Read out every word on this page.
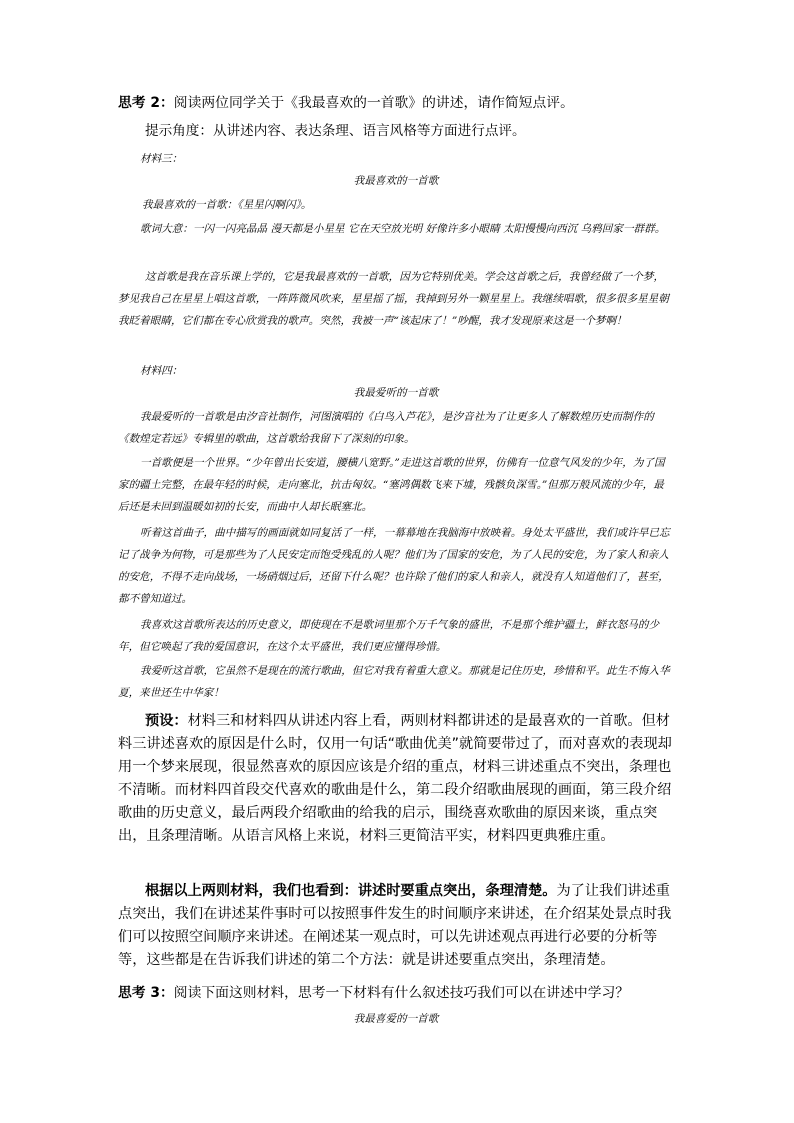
思考 2：阅读两位同学关于《我最喜欢的一首歌》的讲述，请作简短点评。

提示角度：从讲述内容、表达条理、语言风格等方面进行点评。

材料三：

我最喜欢的一首歌

我最喜欢的一首歌：《星星闪啊闪》。

歌词大意：一闪一闪亮晶晶 漫天都是小星星 它在天空放光明 好像许多小眼睛 太阳慢慢向西沉 乌鸦回家一群群。

这首歌是我在音乐课上学的，它是我最喜欢的一首歌，因为它特别优美。学会这首歌之后，我曾经做了一个梦，梦见我自己在星星上唱这首歌，一阵阵微风吹来，星星摇了摇，我掉到另外一颗星星上。我继续唱歌，很多很多星星朝我眨着眼睛，它们都在专心欣赏我的歌声。突然，我被一声“该起床了！”吵醒，我才发现原来这是一个梦啊！

材料四：

我最爱听的一首歌

我最爱听的一首歌是由汐音社制作，河图演唱的《白鸟入芦花》，是汐音社为了让更多人了解数煌历史而制作的《数煌定若远》专辑里的歌曲，这首歌给我留下了深刻的印象。

一首歌便是一个世界。“少年曾出长安道，腰横八宽野。”走进这首歌的世界，仿佛有一位意气风发的少年，为了国家的疆土完整，在最年轻的时候，走向塞北，抗击匈奴。“塞鸿偶数飞来下墟，残骸负深雪。”但那万般风流的少年，最后还是未回到温暖如初的长安，而曲中人却长眠塞北。

听着这首曲子，曲中描写的画面就如同复活了一样，一幕幕地在我脑海中放映着。身处太平盛世，我们或许早已忘记了战争为何物，可是那些为了人民安定而饱受残乱的人呢？他们为了国家的安危，为了人民的安危，为了家人和亲人的安危，不得不走向战场，一场硝烟过后，还留下什么呢？也许除了他们的家人和亲人，就没有人知道他们了，甚至，都不曾知道过。

我喜欢这首歌所表达的历史意义，即使现在不是歌词里那个万千气象的盛世，不是那个维护疆土，鲜衣怒马的少年，但它唤起了我的爱国意识，在这个太平盛世，我们更应懂得珍惜。

我爱听这首歌，它虽然不是现在的流行歌曲，但它对我有着重大意义。那就是记住历史，珍惜和平。此生不悔入华夏，来世还生中华家！

预设：材料三和材料四从讲述内容上看，两则材料都讲述的是最喜欢的一首歌。但材料三讲述喜欢的原因是什么时，仅用一句话“歌曲优美”就简要带过了，而对喜欢的表现却用一个梦来展现，很显然喜欢的原因应该是介绍的重点，材料三讲述重点不突出，条理也不清晰。而材料四首段交代喜欢的歌曲是什么，第二段介绍歌曲展现的画面，第三段介绍歌曲的历史意义，最后两段介绍歌曲的给我的启示，围绕喜欢歌曲的原因来谈，重点突出，且条理清晰。从语言风格上来说，材料三更简洁平实，材料四更典雅庄重。

根据以上两则材料，我们也看到：讲述时要重点突出，条理清楚。为了让我们讲述重点突出，我们在讲述某件事时可以按照事件发生的时间顺序来讲述，在介绍某处景点时我们可以按照空间顺序来讲述。在阐述某一观点时，可以先讲述观点再进行必要的分析等等，这些都是在告诉我们讲述的第二个方法：就是讲述要重点突出，条理清楚。

思考 3：阅读下面这则材料，思考一下材料有什么叙述技巧我们可以在讲述中学习？

我最喜爱的一首歌
